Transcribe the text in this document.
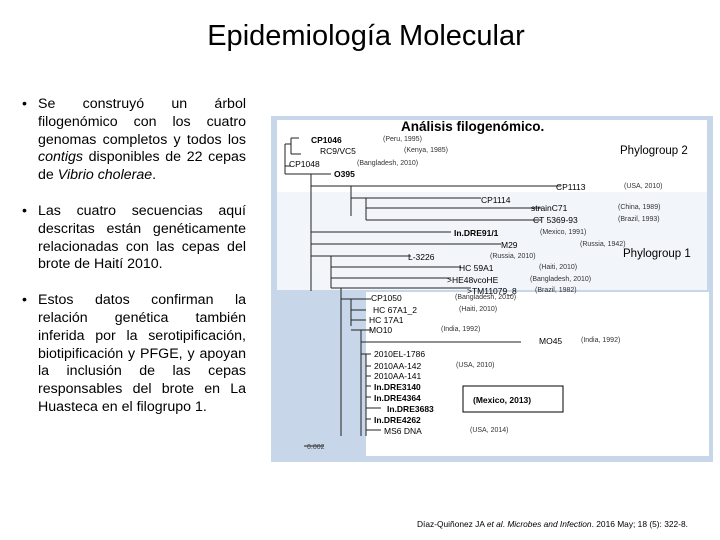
Epidemiología Molecular
• Se construyó un árbol filogenómico con los cuatro genomas completos y todos los contigs disponibles de 22 cepas de Vibrio cholerae.
• Las cuatro secuencias aquí descritas están genéticamente relacionadas con las cepas del brote de Haití 2010.
• Estos datos confirman la relación genética también inferida por la serotipificación, biotipificación y PFGE, y apoyan la inclusión de las cepas responsables del brote en La Huasteca en el filogrupo 1.
Análisis filogenómico.
Phylogroup 2
Phylogroup 1
0.002
(Mexico, 2013)
CP1046	(Peru, 1995)
RC9/VC5	(Kenya, 1985)
CP1048	(Bangladesh, 2010)
O395
CP1113	(USA, 2010)
CP1114
strainC71	(China, 1989)
CT 5369-93	(Brazil, 1993)
In.DRE91/1	(Mexico, 1991)
M29	(Russia, 1942)
L-3226	(Russia, 2010)
HC 59A1	(Haiti, 2010)
>HE48vcoHE	(Bangladesh, 2010)
>TM11079_8	(Brazil, 1982)
CP1050	(Bangladesh, 2010)
HC 67A1_2	(Haiti, 2010)
HC 17A1
MO10	(India, 1992)
MO45	(India, 1992)
2010EL-1786
2010AA-142	(USA, 2010)
2010AA-141
In.DRE3140
In.DRE4364
In.DRE3683
In.DRE4262
MS6 DNA	(USA, 2014)
Díaz-Quiñonez JA et al. Microbes and Infection. 2016 May; 18 (5): 322-8.
